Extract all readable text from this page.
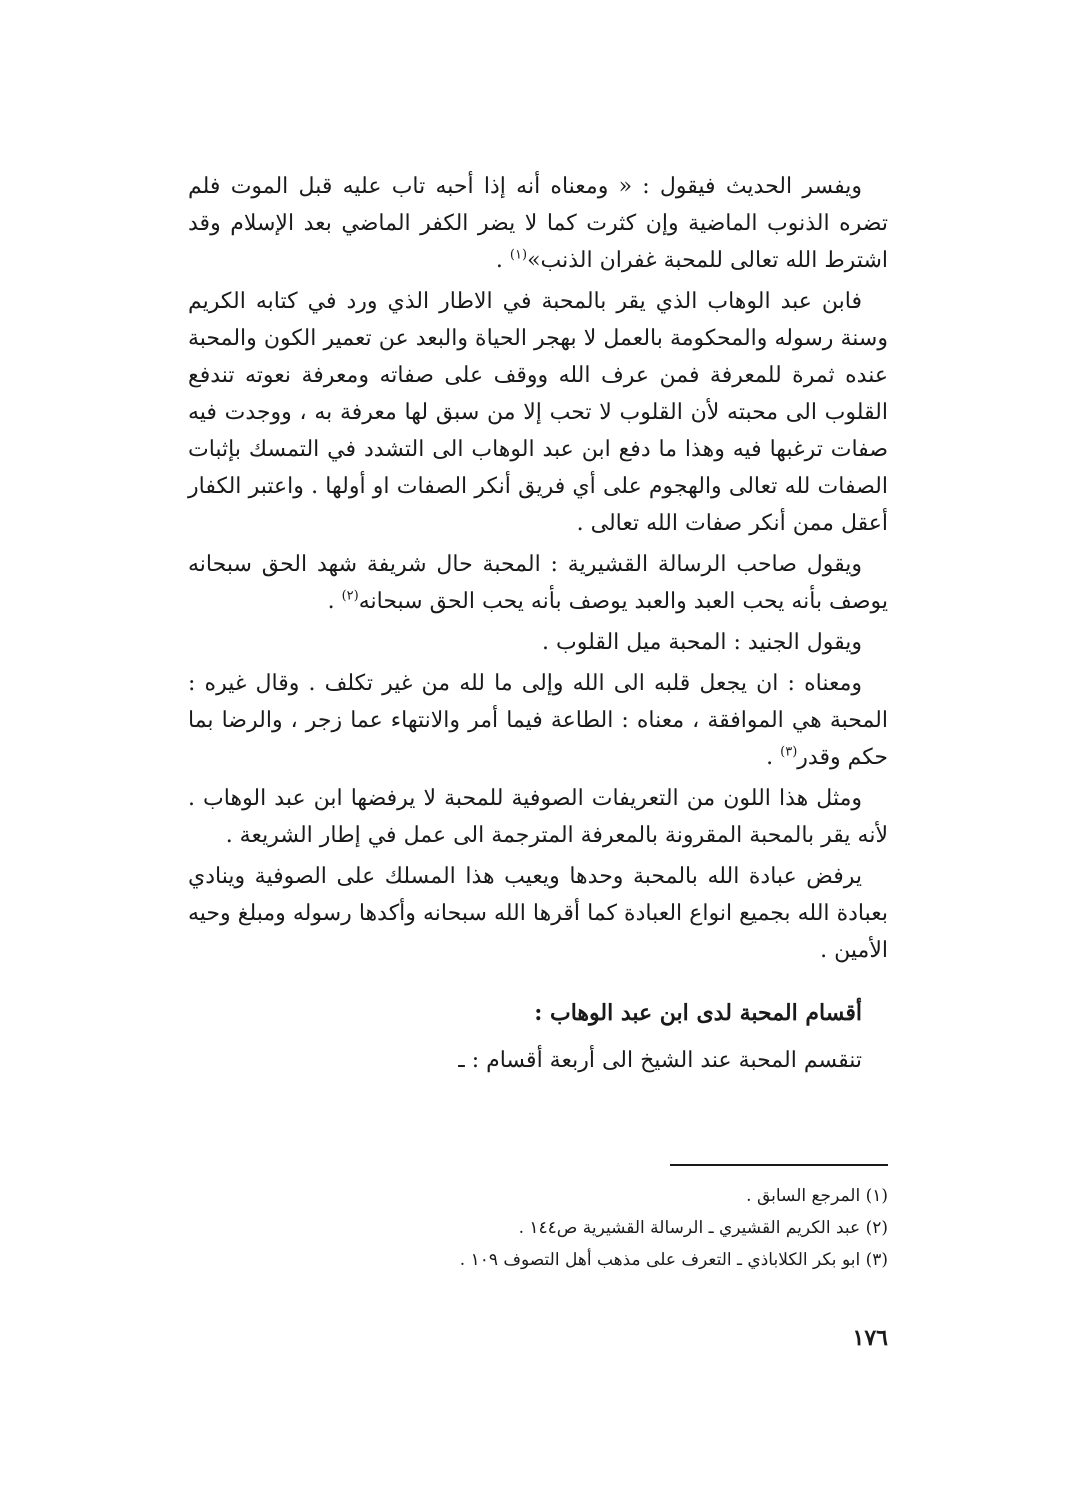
ويفسر الحديث فيقول : « ومعناه أنه إذا أحبه تاب عليه قبل الموت فلم تضره الذنوب الماضية وإن كثرت كما لا يضر الكفر الماضي بعد الإسلام وقد اشترط الله تعالى للمحبة غفران الذنب»$^{(١)}$ .

فابن عبد الوهاب الذي يقر بالمحبة في الاطار الذي ورد في كتابه الكريم وسنة رسوله والمحكومة بالعمل لا بهجر الحياة والبعد عن تعمير الكون والمحبة عنده ثمرة للمعرفة فمن عرف الله ووقف على صفاته ومعرفة نعوته تندفع القلوب الى محبته لأن القلوب لا تحب إلا من سبق لها معرفة به ، ووجدت فيه صفات ترغبها فيه وهذا ما دفع ابن عبد الوهاب الى التشدد في التمسك بإثبات الصفات لله تعالى والهجوم على أي فريق أنكر الصفات او أولها . واعتبر الكفار أعقل ممن أنكر صفات الله تعالى .

ويقول صاحب الرسالة القشيرية : المحبة حال شريفة شهد الحق سبحانه يوصف بأنه يحب العبد والعبد يوصف بأنه يحب الحق سبحانه$^{(٢)}$ .

ويقول الجنيد : المحبة ميل القلوب .

ومعناه : ان يجعل قلبه الى الله وإلى ما لله من غير تكلف . وقال غيره : المحبة هي الموافقة ، معناه : الطاعة فيما أمر والانتهاء عما زجر ، والرضا بما حكم وقدر$^{(٣)}$ .

ومثل هذا اللون من التعريفات الصوفية للمحبة لا يرفضها ابن عبد الوهاب . لأنه يقر بالمحبة المقرونة بالمعرفة المترجمة الى عمل في إطار الشريعة .

يرفض عبادة الله بالمحبة وحدها ويعيب هذا المسلك على الصوفية وينادي بعبادة الله بجميع انواع العبادة كما أقرها الله سبحانه وأكدها رسوله ومبلغ وحيه الأمين .

أقسام المحبة لدى ابن عبد الوهاب :

تنقسم المحبة عند الشيخ الى أربعة أقسام : ـ

(١) المرجع السابق .
(٢) عبد الكريم القشيري ـ الرسالة القشيرية ص١٤٤ .
(٣) ابو بكر الكلاباذي ـ التعرف على مذهب أهل التصوف ١٠٩ .
١٧٦
